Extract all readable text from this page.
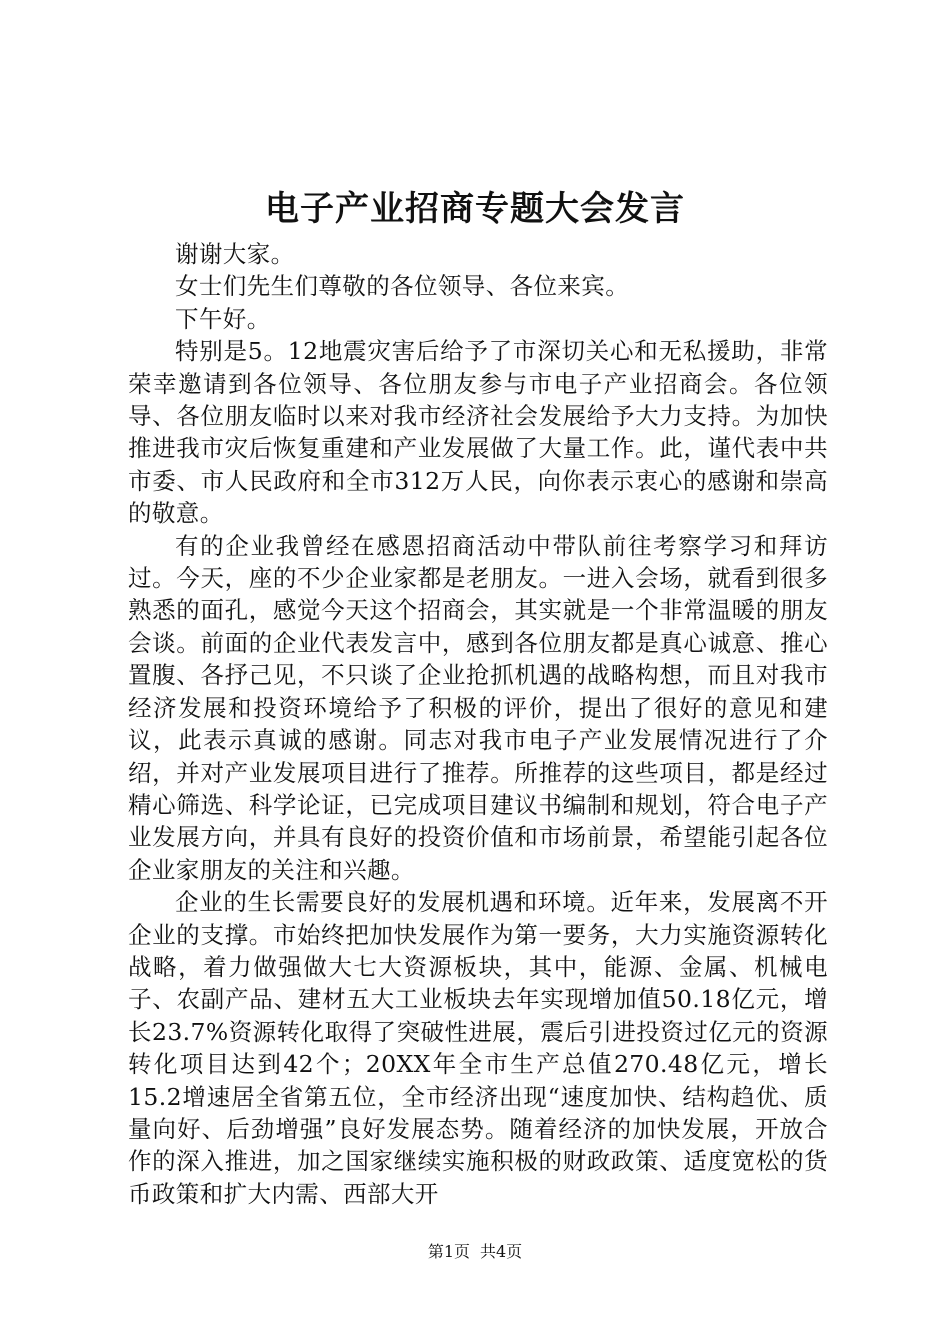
电子产业招商专题大会发言

谢谢大家。

女士们先生们尊敬的各位领导、各位来宾。

下午好。

特别是5。12地震灾害后给予了市深切关心和无私援助，非常荣幸邀请到各位领导、各位朋友参与市电子产业招商会。各位领导、各位朋友临时以来对我市经济社会发展给予大力支持。为加快推进我市灾后恢复重建和产业发展做了大量工作。此，谨代表中共市委、市人民政府和全市312万人民，向你表示衷心的感谢和崇高的敬意。

有的企业我曾经在感恩招商活动中带队前往考察学习和拜访过。今天，座的不少企业家都是老朋友。一进入会场，就看到很多熟悉的面孔，感觉今天这个招商会，其实就是一个非常温暖的朋友会谈。前面的企业代表发言中，感到各位朋友都是真心诚意、推心置腹、各抒己见，不只谈了企业抢抓机遇的战略构想，而且对我市经济发展和投资环境给予了积极的评价，提出了很好的意见和建议，此表示真诚的感谢。同志对我市电子产业发展情况进行了介绍，并对产业发展项目进行了推荐。所推荐的这些项目，都是经过精心筛选、科学论证，已完成项目建议书编制和规划，符合电子产业发展方向，并具有良好的投资价值和市场前景，希望能引起各位企业家朋友的关注和兴趣。

企业的生长需要良好的发展机遇和环境。近年来，发展离不开企业的支撑。市始终把加快发展作为第一要务，大力实施资源转化战略，着力做强做大七大资源板块，其中，能源、金属、机械电子、农副产品、建材五大工业板块去年实现增加值50.18亿元，增长23.7%资源转化取得了突破性进展，震后引进投资过亿元的资源转化项目达到42个；20XX年全市生产总值270.48亿元，增长15.2增速居全省第五位，全市经济出现“速度加快、结构趋优、质量向好、后劲增强”良好发展态势。随着经济的加快发展，开放合作的深入推进，加之国家继续实施积极的财政政策、适度宽松的货币政策和扩大内需、西部大开

第1页 共4页
